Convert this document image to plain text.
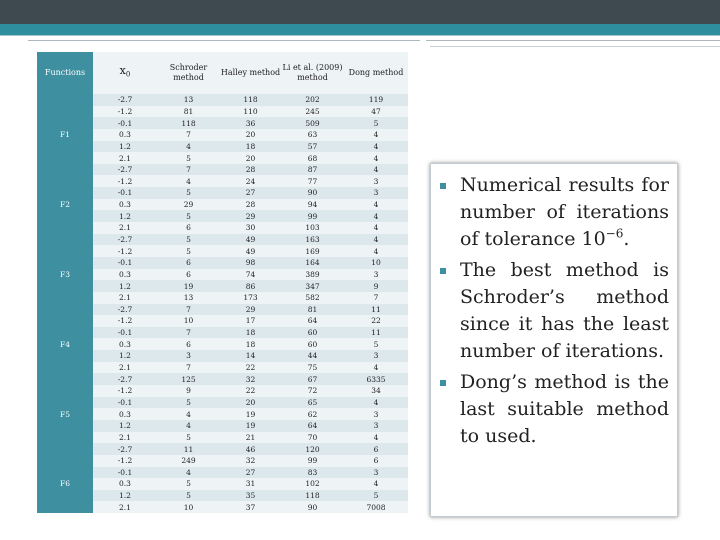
Functions	$x_0$	Schroder method	Halley method	Li et al. (2009) method	Dong method
	-2.7	13	118	202	119
	-1.2	81	110	245	47
	-0.1	118	36	509	5
F1	0.3	7	20	63	4
	1.2	4	18	57	4
	2.1	5	20	68	4
	-2.7	7	28	87	4
	-1.2	4	24	77	3
	-0.1	5	27	90	3
F2	0.3	29	28	94	4
	1.2	5	29	99	4
	2.1	6	30	103	4
	-2.7	5	49	163	4
	-1.2	5	49	169	4
	-0.1	6	98	164	10
F3	0.3	6	74	389	3
	1.2	19	86	347	9
	2.1	13	173	582	7
	-2.7	7	29	81	11
	-1.2	10	17	64	22
	-0.1	7	18	60	11
F4	0.3	6	18	60	5
	1.2	3	14	44	3
	2.1	7	22	75	4
	-2.7	125	32	67	6335
	-1.2	9	22	72	34
	-0.1	5	20	65	4
F5	0.3	4	19	62	3
	1.2	4	19	64	3
	2.1	5	21	70	4
	-2.7	11	46	120	6
	-1.2	249	32	99	6
	-0.1	4	27	83	3
F6	0.3	5	31	102	4
	1.2	5	35	118	5
	2.1	10	37	90	7008
Numerical results for number of iterations of tolerance $10^{-6}$.
The best method is Schroder’s method since it has the least number of iterations.
Dong’s method is the last suitable method to used.
